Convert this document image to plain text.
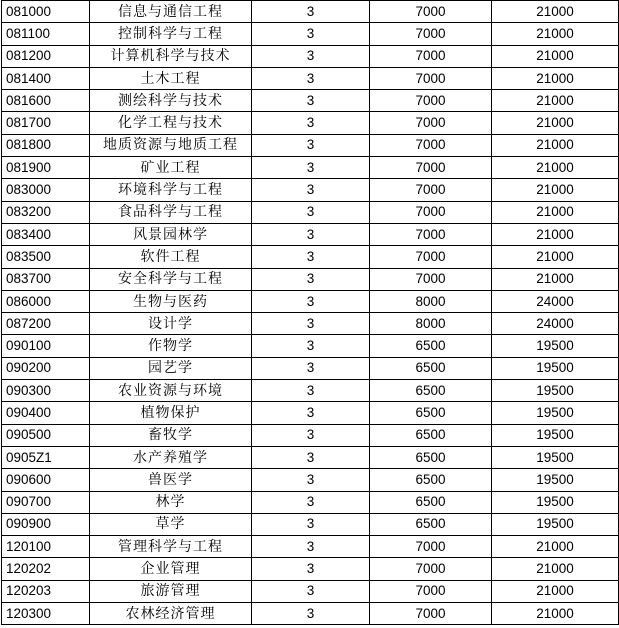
081000	信息与通信工程	3	7000	21000
081100	控制科学与工程	3	7000	21000
081200	计算机科学与技术	3	7000	21000
081400	土木工程	3	7000	21000
081600	测绘科学与技术	3	7000	21000
081700	化学工程与技术	3	7000	21000
081800	地质资源与地质工程	3	7000	21000
081900	矿业工程	3	7000	21000
083000	环境科学与工程	3	7000	21000
083200	食品科学与工程	3	7000	21000
083400	风景园林学	3	7000	21000
083500	软件工程	3	7000	21000
083700	安全科学与工程	3	7000	21000
086000	生物与医药	3	8000	24000
087200	设计学	3	8000	24000
090100	作物学	3	6500	19500
090200	园艺学	3	6500	19500
090300	农业资源与环境	3	6500	19500
090400	植物保护	3	6500	19500
090500	畜牧学	3	6500	19500
0905Z1	水产养殖学	3	6500	19500
090600	兽医学	3	6500	19500
090700	林学	3	6500	19500
090900	草学	3	6500	19500
120100	管理科学与工程	3	7000	21000
120202	企业管理	3	7000	21000
120203	旅游管理	3	7000	21000
120300	农林经济管理	3	7000	21000
